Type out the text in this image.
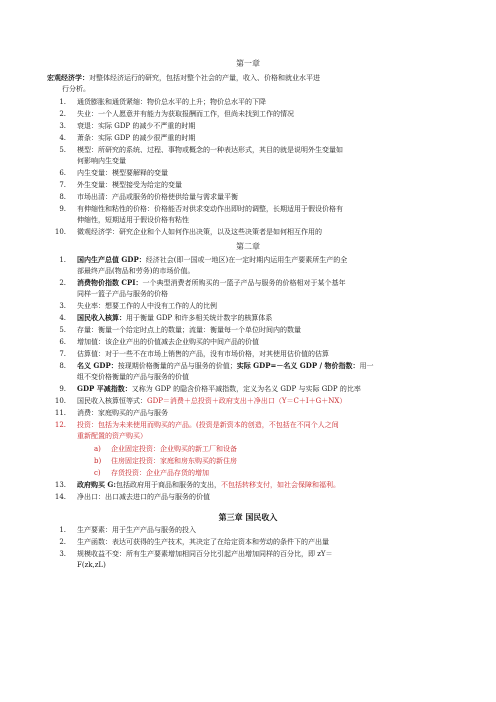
第一章
宏观经济学：对整体经济运行的研究，包括对整个社会的产量，收入、价格和就业水平进
行分析。
1. 通货膨胀和通货紧缩：物价总水平的上升；物价总水平的下降
2. 失业：一个人愿意并有能力为获取报酬而工作，但尚未找到工作的情况
3. 衰退：实际 GDP 的减少不严重的时期
4. 萧条：实际 GDP 的减少很严重的时期
5. 模型：所研究的系统、过程、事物或概念的一种表达形式，其目的就是说明外生变量如
何影响内生变量
6. 内生变量：模型要解释的变量
7. 外生变量：模型接受为给定的变量
8. 市场出清：产品或服务的价格使供给量与需求量平衡
9. 有伸缩性和粘性的价格：价格能否对供求变动作出即时的调整，长期适用于假设价格有
伸缩性，短期适用于假设价格有粘性
10. 微观经济学：研究企业和个人如何作出决策，以及这些决策者是如何相互作用的
第二章
1. 国内生产总值 GDP：经济社会(即一国或一地区)在一定时期内运用生产要素所生产的全
部最终产品(物品和劳务)的市场价值。
2. 消费物价指数 CPI：一个典型消费者所购买的一篮子产品与服务的价格相对于某个基年
同样一篮子产品与服务的价格
3. 失业率：想要工作的人中没有工作的人的比例
4. 国民收入核算：用于衡量 GDP 和许多相关统计数字的核算体系
5. 存量：衡量一个给定时点上的数量；流量：衡量每一个单位时间内的数量
6. 增加值：该企业产出的价值减去企业购买的中间产品的价值
7. 估算值：对于一些不在市场上销售的产品，没有市场价格，对其使用估价值的估算
8. 名义 GDP：按现期价格衡量的产品与服务的价值；实际 GDP=－名义 GDP / 物价指数：用一
组不变价格衡量的产品与服务的价值
9. GDP 平减指数：又称为 GDP 的隐含价格平减指数，定义为名义 GDP 与实际 GDP 的比率
10. 国民收入核算恒等式：GDP＝消费＋总投资＋政府支出＋净出口（Y＝C＋I＋G＋NX）
11. 消费：家庭购买的产品与服务
12. 投资：包括为未来使用而购买的产品。(投资是新资本的创造，不包括在不同个人之间
重新配置的资产购买）
a) 企业固定投资：企业购买的新工厂和设备
b) 住房固定投资：家庭和房东购买的新住房
c) 存货投资：企业产品存货的增加
13. 政府购买 G:包括政府用于商品和服务的支出，不包括转移支付，如社会保障和福利。
14. 净出口：出口减去进口的产品与服务的价值
第三章 国民收入
1. 生产要素：用于生产产品与服务的投入
2. 生产函数：表达可获得的生产技术，其决定了在给定资本和劳动的条件下的产出量
3. 规模收益不变：所有生产要素增加相同百分比引起产出增加同样的百分比，即 zY＝
F(zk,zL)
